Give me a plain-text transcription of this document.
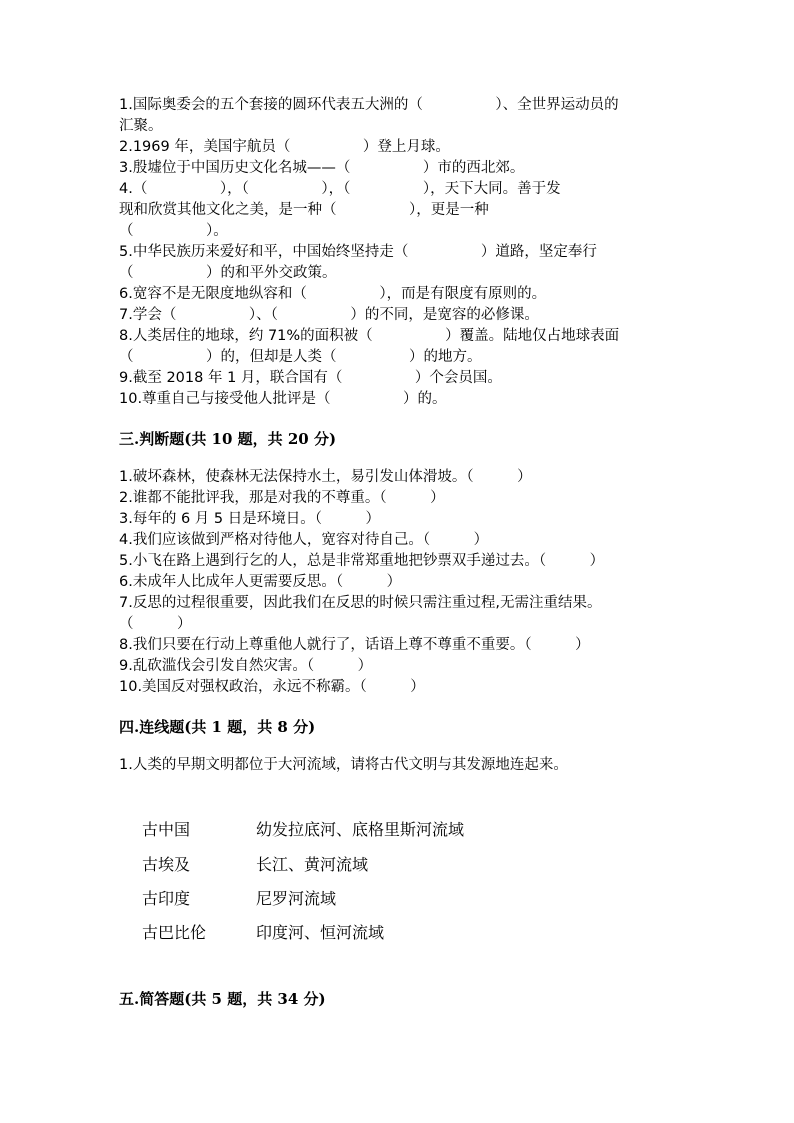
1.国际奥委会的五个套接的圆环代表五大洲的（　　　　　）、全世界运动员的
汇聚。
2.1969 年，美国宇航员（　　　　　）登上月球。
3.殷墟位于中国历史文化名城——（　　　　　）市的西北郊。
4.（　　　　　），（　　　　　），（　　　　　），天下大同。善于发
现和欣赏其他文化之美，是一种（　　　　　），更是一种
（　　　　　）。
5.中华民族历来爱好和平，中国始终坚持走（　　　　　）道路，坚定奉行
（　　　　　）的和平外交政策。
6.宽容不是无限度地纵容和（　　　　　），而是有限度有原则的。
7.学会（　　　　　）、（　　　　　）的不同，是宽容的必修课。
8.人类居住的地球，约 71%的面积被（　　　　　）覆盖。陆地仅占地球表面
（　　　　　）的，但却是人类（　　　　　）的地方。
9.截至 2018 年 1 月，联合国有（　　　　　）个会员国。
10.尊重自己与接受他人批评是（　　　　　）的。
三.判断题(共 10 题，共 20 分)
1.破坏森林，使森林无法保持水土，易引发山体滑坡。（　　　）
2.谁都不能批评我，那是对我的不尊重。（　　　）
3.每年的 6 月 5 日是环境日。（　　　）
4.我们应该做到严格对待他人，宽容对待自己。（　　　）
5.小飞在路上遇到行乞的人，总是非常郑重地把钞票双手递过去。（　　　）
6.未成年人比成年人更需要反思。（　　　）
7.反思的过程很重要，因此我们在反思的时候只需注重过程,无需注重结果。
（　　　）
8.我们只要在行动上尊重他人就行了，话语上尊不尊重不重要。（　　　）
9.乱砍滥伐会引发自然灾害。（　　　）
10.美国反对强权政治，永远不称霸。（　　　）
四.连线题(共 1 题，共 8 分)
1.人类的早期文明都位于大河流域，请将古代文明与其发源地连起来。
古中国
古埃及
古印度
古巴比伦
幼发拉底河、底格里斯河流域
长江、黄河流域
尼罗河流域
印度河、恒河流域
五.简答题(共 5 题，共 34 分)
